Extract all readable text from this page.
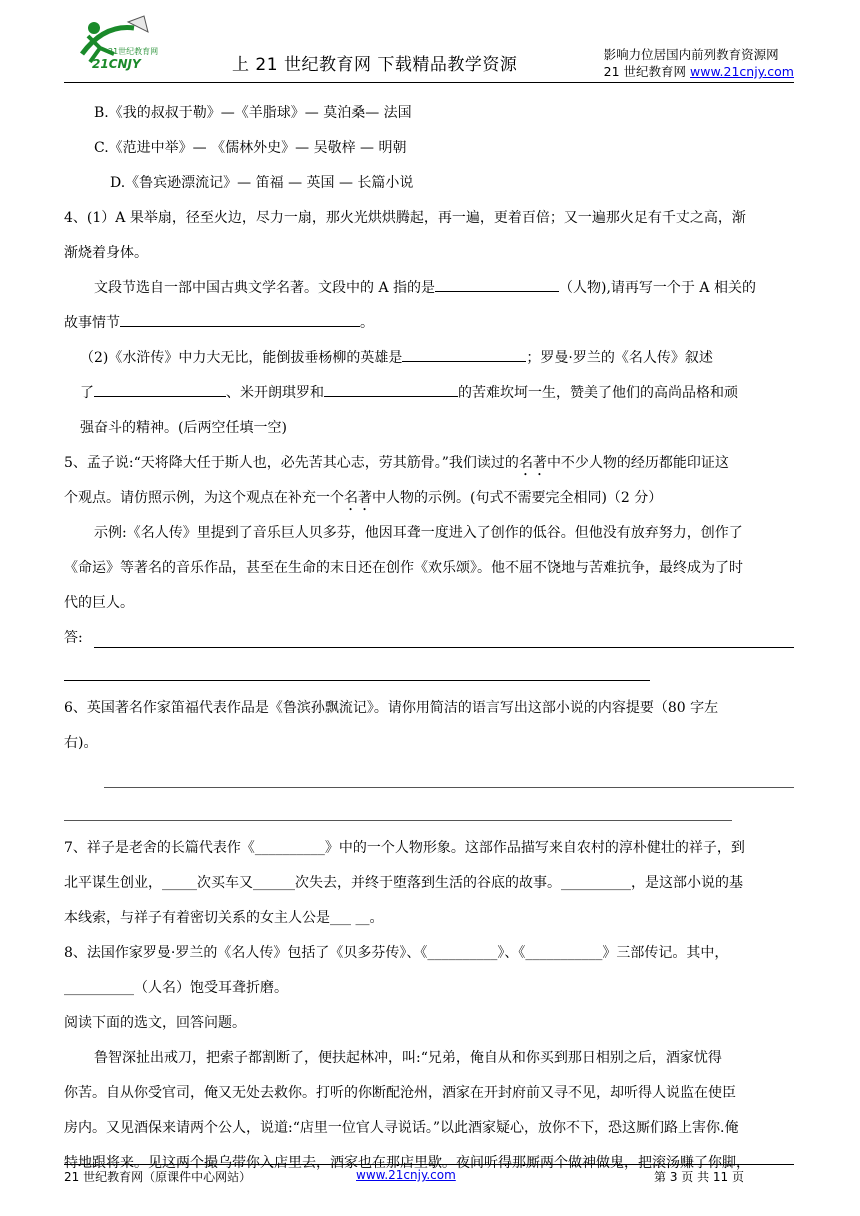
21世纪教育网
21CNJY	上 21 世纪教育网 下载精品教学资源
影响力位居国内前列教育资源网
21 世纪教育网 www.21cnjy.com

B.《我的叔叔于勒》—《羊脂球》— 莫泊桑— 法国

C.《范进中举》— 《儒林外史》— 吴敬梓 — 明朝

D.《鲁宾逊漂流记》— 笛福 — 英国 — 长篇小说

4、(1）A 果举扇，径至火边，尽力一扇，那火光烘烘腾起，再一遍，更着百倍；又一遍那火足有千丈之高，渐

渐烧着身体。

文段节选自一部中国古典文学名著。文段中的 A 指的是	（人物),请再写一个于 A 相关的

故事情节	。

（2)《水浒传》中力大无比，能倒拔垂杨柳的英雄是	；罗曼·罗兰的《名人传》叙述

了	、米开朗琪罗和	的苦难坎坷一生，赞美了他们的高尚品格和顽

强奋斗的精神。(后两空任填一空)

5、孟子说:“天将降大任于斯人也，必先苦其心志，劳其筋骨。”我们读过的名著中不少人物的经历都能印证这

个观点。请仿照示例，为这个观点在补充一个名著中人物的示例。(句式不需要完全相同)（2 分）

示例:《名人传》里提到了音乐巨人贝多芬，他因耳聋一度进入了创作的低谷。但他没有放弃努力，创作了

《命运》等著名的音乐作品，甚至在生命的末日还在创作《欢乐颂》。他不屈不饶地与苦难抗争，最终成为了时

代的巨人。

答:

6、英国著名作家笛福代表作品是《鲁滨孙飘流记》。请你用简洁的语言写出这部小说的内容提要（80 字左

右)。

7、祥子是老舍的长篇代表作《__________》中的一个人物形象。这部作品描写来自农村的淳朴健壮的祥子，到

北平谋生创业，_____次买车又______次失去，并终于堕落到生活的谷底的故事。__________，是这部小说的基

本线索，与祥子有着密切关系的女主人公是___ __。

8、法国作家罗曼·罗兰的《名人传》包括了《贝多芬传》、《__________》、《___________》三部传记。其中，

__________（人名）饱受耳聋折磨。

阅读下面的选文，回答问题。

鲁智深扯出戒刀，把索子都割断了，便扶起林冲，叫:“兄弟，俺自从和你买到那日相别之后，酒家忧得

你苦。自从你受官司，俺又无处去救你。打听的你断配沧州，酒家在开封府前又寻不见，却听得人说监在使臣

房内。又见酒保来请两个公人，说道:“店里一位官人寻说话。”以此酒家疑心，放你不下，恐这厮们路上害你.俺

特地跟将来。见这两个撮乌带你入店里去，酒家也在那店里歇。夜间听得那厮两个做神做鬼，把滚汤赚了你脚，

21 世纪教育网（原课件中心网站）	www.21cnjy.com	第 3 页 共 11 页
